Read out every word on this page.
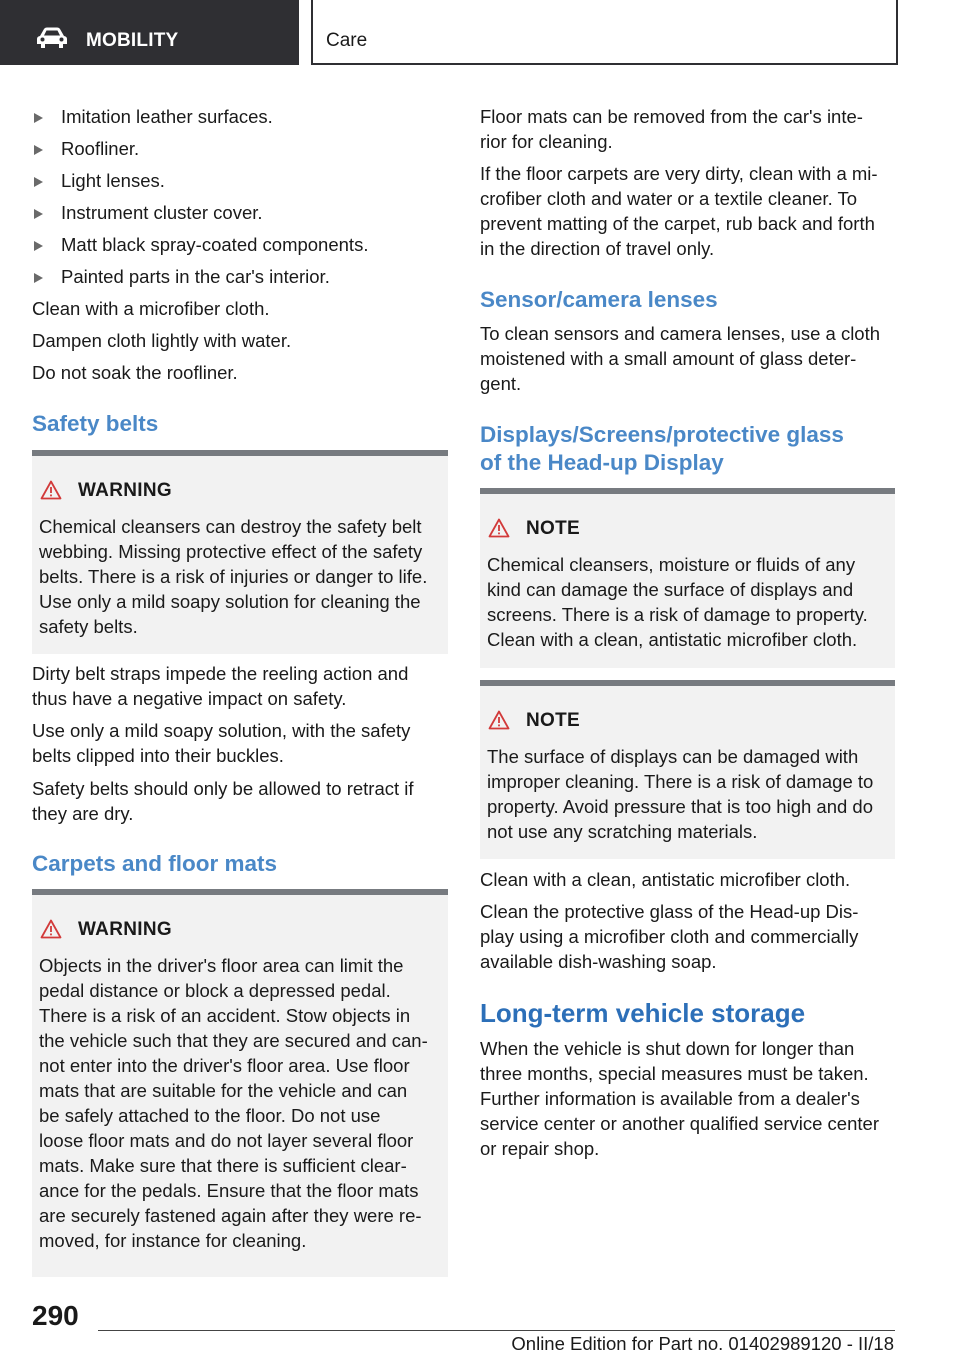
MOBILITY	Care
Imitation leather surfaces.
Roofliner.
Light lenses.
Instrument cluster cover.
Matt black spray-coated components.
Painted parts in the car's interior.

Clean with a microfiber cloth.

Dampen cloth lightly with water.

Do not soak the roofliner.

Safety belts
WARNING
Chemical cleansers can destroy the safety belt
webbing. Missing protective effect of the safety
belts. There is a risk of injuries or danger to life.
Use only a mild soapy solution for cleaning the
safety belts.

Dirty belt straps impede the reeling action and

thus have a negative impact on safety.

Use only a mild soapy solution, with the safety

belts clipped into their buckles.

Safety belts should only be allowed to retract if

they are dry.

Carpets and floor mats
WARNING
Objects in the driver's floor area can limit the
pedal distance or block a depressed pedal.
There is a risk of an accident. Stow objects in
the vehicle such that they are secured and can-
not enter into the driver's floor area. Use floor
mats that are suitable for the vehicle and can
be safely attached to the floor. Do not use
loose floor mats and do not layer several floor
mats. Make sure that there is sufficient clear-
ance for the pedals. Ensure that the floor mats
are securely fastened again after they were re-
moved, for instance for cleaning.

Floor mats can be removed from the car's inte-

rior for cleaning.

If the floor carpets are very dirty, clean with a mi-

crofiber cloth and water or a textile cleaner. To

prevent matting of the carpet, rub back and forth

in the direction of travel only.

Sensor/camera lenses

To clean sensors and camera lenses, use a cloth

moistened with a small amount of glass deter-

gent.

Displays/Screens/protective glass
of the Head-up Display
NOTE
Chemical cleansers, moisture or fluids of any
kind can damage the surface of displays and
screens. There is a risk of damage to property.
Clean with a clean, antistatic microfiber cloth.
NOTE
The surface of displays can be damaged with
improper cleaning. There is a risk of damage to
property. Avoid pressure that is too high and do
not use any scratching materials.

Clean with a clean, antistatic microfiber cloth.

Clean the protective glass of the Head-up Dis-

play using a microfiber cloth and commercially

available dish-washing soap.

Long-term vehicle storage

When the vehicle is shut down for longer than

three months, special measures must be taken.

Further information is available from a dealer's

service center or another qualified service center

or repair shop.

290
Online Edition for Part no. 01402989120 - II/18
